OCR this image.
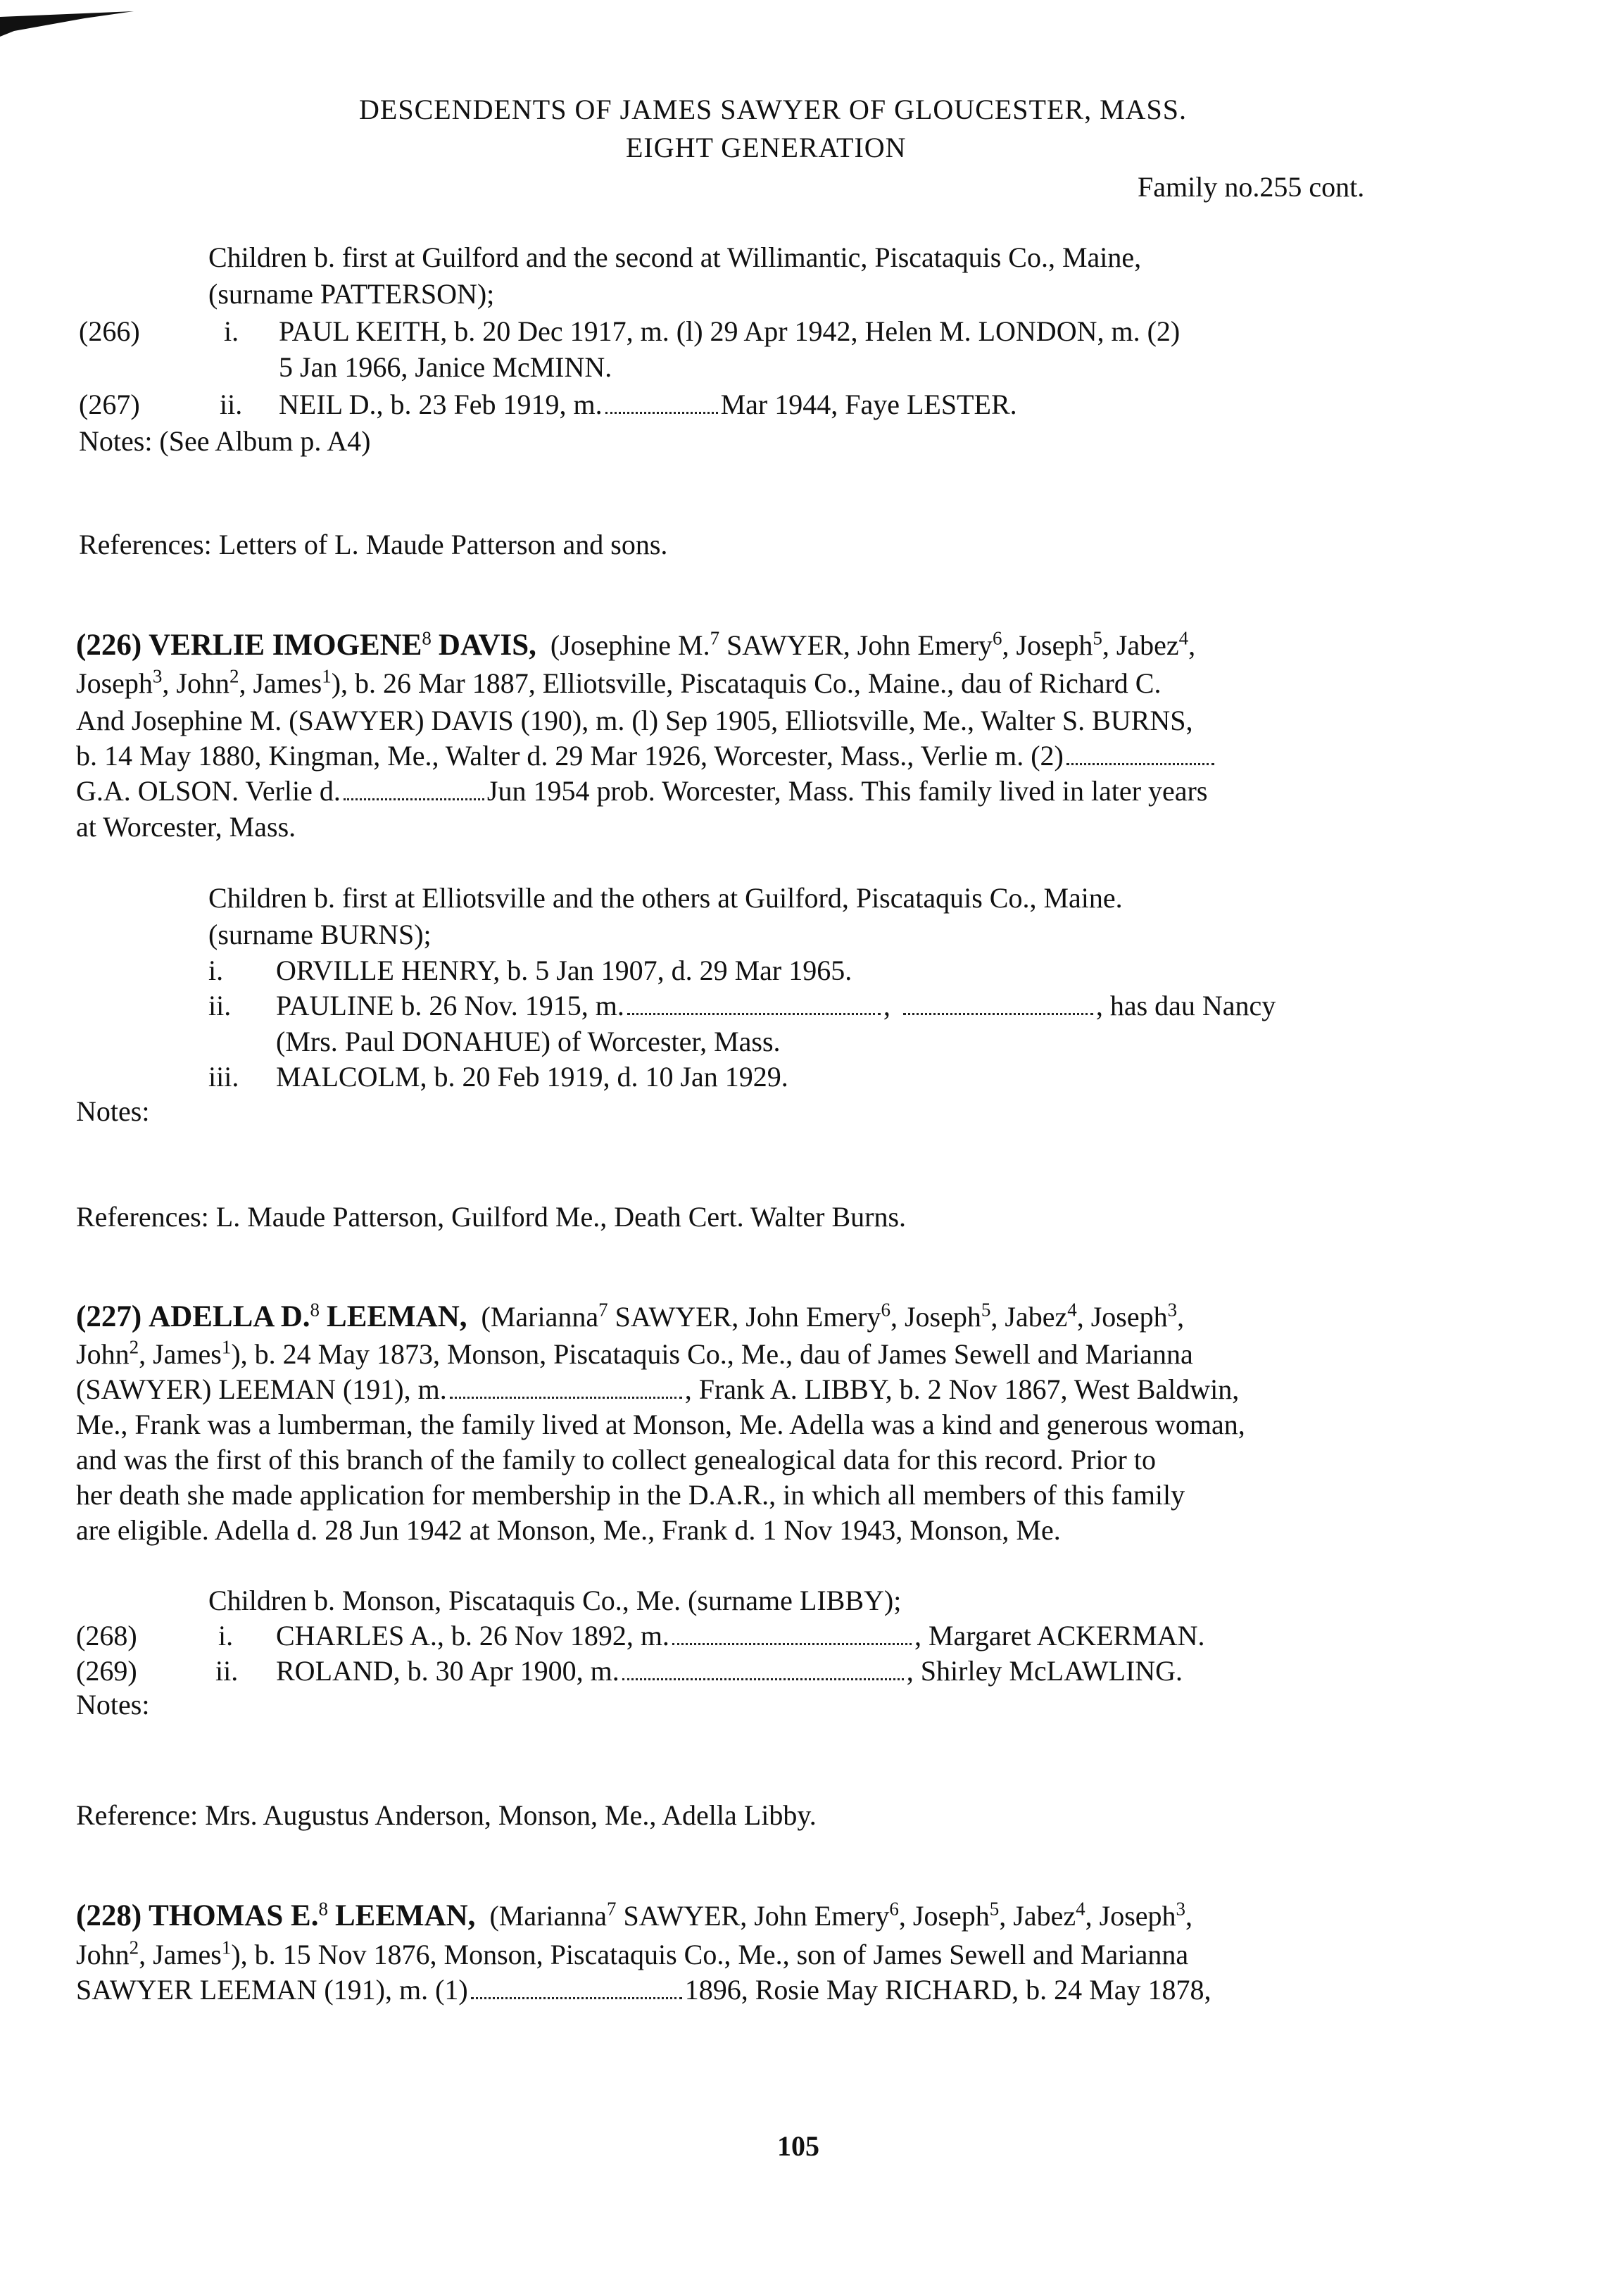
DESCENDENTS OF JAMES SAWYER OF GLOUCESTER, MASS.
EIGHT GENERATION
Family no.255 cont.
Children b. first at Guilford and the second at Willimantic, Piscataquis Co., Maine,
(surname PATTERSON);
(266)	i. PAUL KEITH, b. 20 Dec 1917, m. (l) 29 Apr 1942, Helen M. LONDON, m. (2)
5 Jan 1966, Janice McMINN.
(267)	ii. NEIL D., b. 23 Feb 1919, m.	Mar 1944, Faye LESTER.
Notes: (See Album p. A4)
References: Letters of L. Maude Patterson and sons.
(226) VERLIE IMOGENE$^8$ DAVIS, (Josephine M.$^7$ SAWYER, John Emery$^6$, Joseph$^5$, Jabez$^4$,
Joseph$^3$, John$^2$, James$^1$), b. 26 Mar 1887, Elliotsville, Piscataquis Co., Maine., dau of Richard C.
And Josephine M. (SAWYER) DAVIS (190), m. (l) Sep 1905, Elliotsville, Me., Walter S. BURNS,
b. 14 May 1880, Kingman, Me., Walter d. 29 Mar 1926, Worcester, Mass., Verlie m. (2)
G.A. OLSON. Verlie d.	Jun 1954 prob. Worcester, Mass. This family lived in later years
at Worcester, Mass.
Children b. first at Elliotsville and the others at Guilford, Piscataquis Co., Maine.
(surname BURNS);
i. ORVILLE HENRY, b. 5 Jan 1907, d. 29 Mar 1965.
ii. PAULINE b. 26 Nov. 1915, m.	,	, has dau Nancy
(Mrs. Paul DONAHUE) of Worcester, Mass.
iii. MALCOLM, b. 20 Feb 1919, d. 10 Jan 1929.
Notes:
References: L. Maude Patterson, Guilford Me., Death Cert. Walter Burns.
(227) ADELLA D.$^8$ LEEMAN, (Marianna$^7$ SAWYER, John Emery$^6$, Joseph$^5$, Jabez$^4$, Joseph$^3$,
John$^2$, James$^1$), b. 24 May 1873, Monson, Piscataquis Co., Me., dau of James Sewell and Marianna
(SAWYER) LEEMAN (191), m.	, Frank A. LIBBY, b. 2 Nov 1867, West Baldwin,
Me., Frank was a lumberman, the family lived at Monson, Me. Adella was a kind and generous woman,
and was the first of this branch of the family to collect genealogical data for this record. Prior to
her death she made application for membership in the D.A.R., in which all members of this family
are eligible. Adella d. 28 Jun 1942 at Monson, Me., Frank d. 1 Nov 1943, Monson, Me.
Children b. Monson, Piscataquis Co., Me. (surname LIBBY);
(268)	i. CHARLES A., b. 26 Nov 1892, m.	, Margaret ACKERMAN.
(269)	ii. ROLAND, b. 30 Apr 1900, m.	, Shirley McLAWLING.
Notes:
Reference: Mrs. Augustus Anderson, Monson, Me., Adella Libby.
(228) THOMAS E.$^8$ LEEMAN, (Marianna$^7$ SAWYER, John Emery$^6$, Joseph$^5$, Jabez$^4$, Joseph$^3$,
John$^2$, James$^1$), b. 15 Nov 1876, Monson, Piscataquis Co., Me., son of James Sewell and Marianna
SAWYER LEEMAN (191), m. (1)	1896, Rosie May RICHARD, b. 24 May 1878,
105
